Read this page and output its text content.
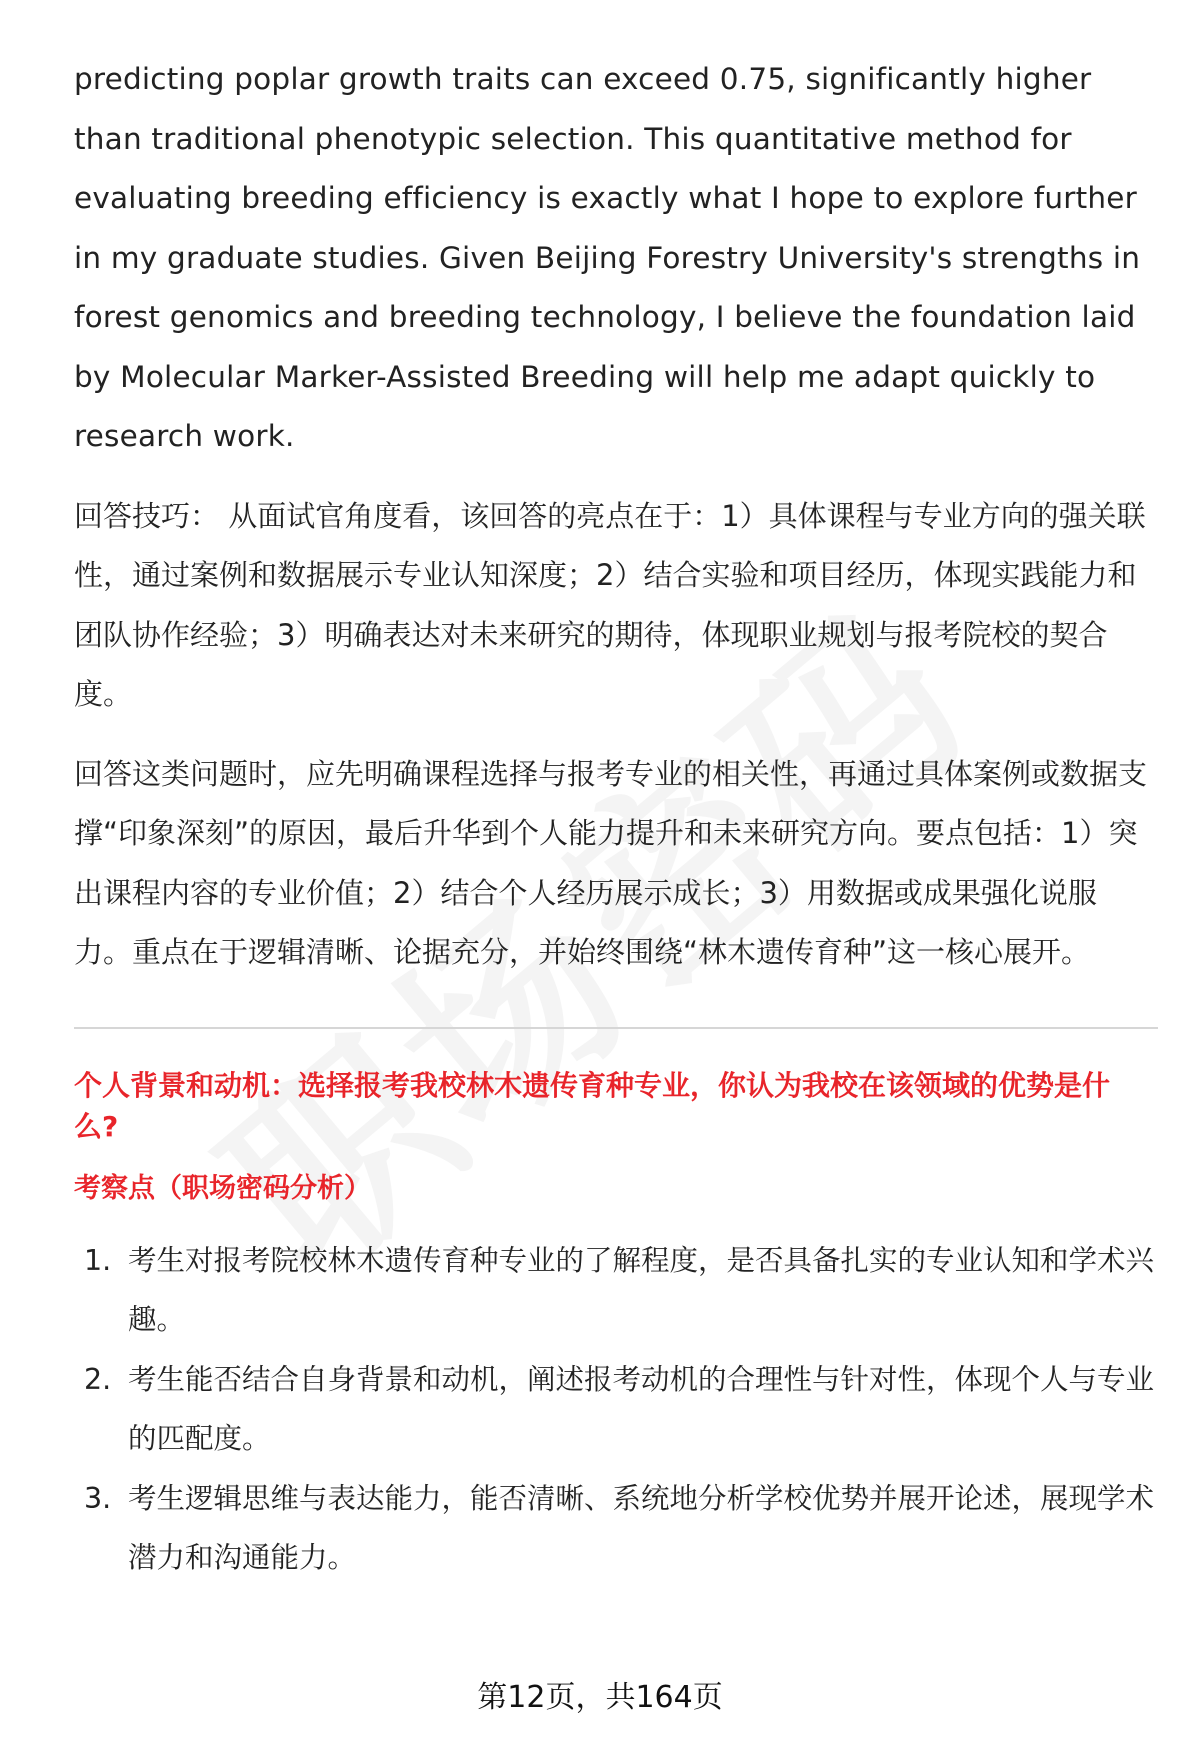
predicting poplar growth traits can exceed 0.75, significantly higher than traditional phenotypic selection. This quantitative method for evaluating breeding efficiency is exactly what I hope to explore further in my graduate studies. Given Beijing Forestry University's strengths in forest genomics and breeding technology, I believe the foundation laid by Molecular Marker-Assisted Breeding will help me adapt quickly to research work.

回答技巧： 从面试官角度看，该回答的亮点在于：1）具体课程与专业方向的强关联性，通过案例和数据展示专业认知深度；2）结合实验和项目经历，体现实践能力和团队协作经验；3）明确表达对未来研究的期待，体现职业规划与报考院校的契合度。

回答这类问题时，应先明确课程选择与报考专业的相关性，再通过具体案例或数据支撑“印象深刻”的原因，最后升华到个人能力提升和未来研究方向。要点包括：1）突出课程内容的专业价值；2）结合个人经历展示成长；3）用数据或成果强化说服力。重点在于逻辑清晰、论据充分，并始终围绕“林木遗传育种”这一核心展开。

个人背景和动机：选择报考我校林木遗传育种专业，你认为我校在该领域的优势是什么?
考察点（职场密码分析）
1. 考生对报考院校林木遗传育种专业的了解程度，是否具备扎实的专业认知和学术兴趣。
2. 考生能否结合自身背景和动机，阐述报考动机的合理性与针对性，体现个人与专业的匹配度。
3. 考生逻辑思维与表达能力，能否清晰、系统地分析学校优势并展开论述，展现学术潜力和沟通能力。
第12页，共164页
